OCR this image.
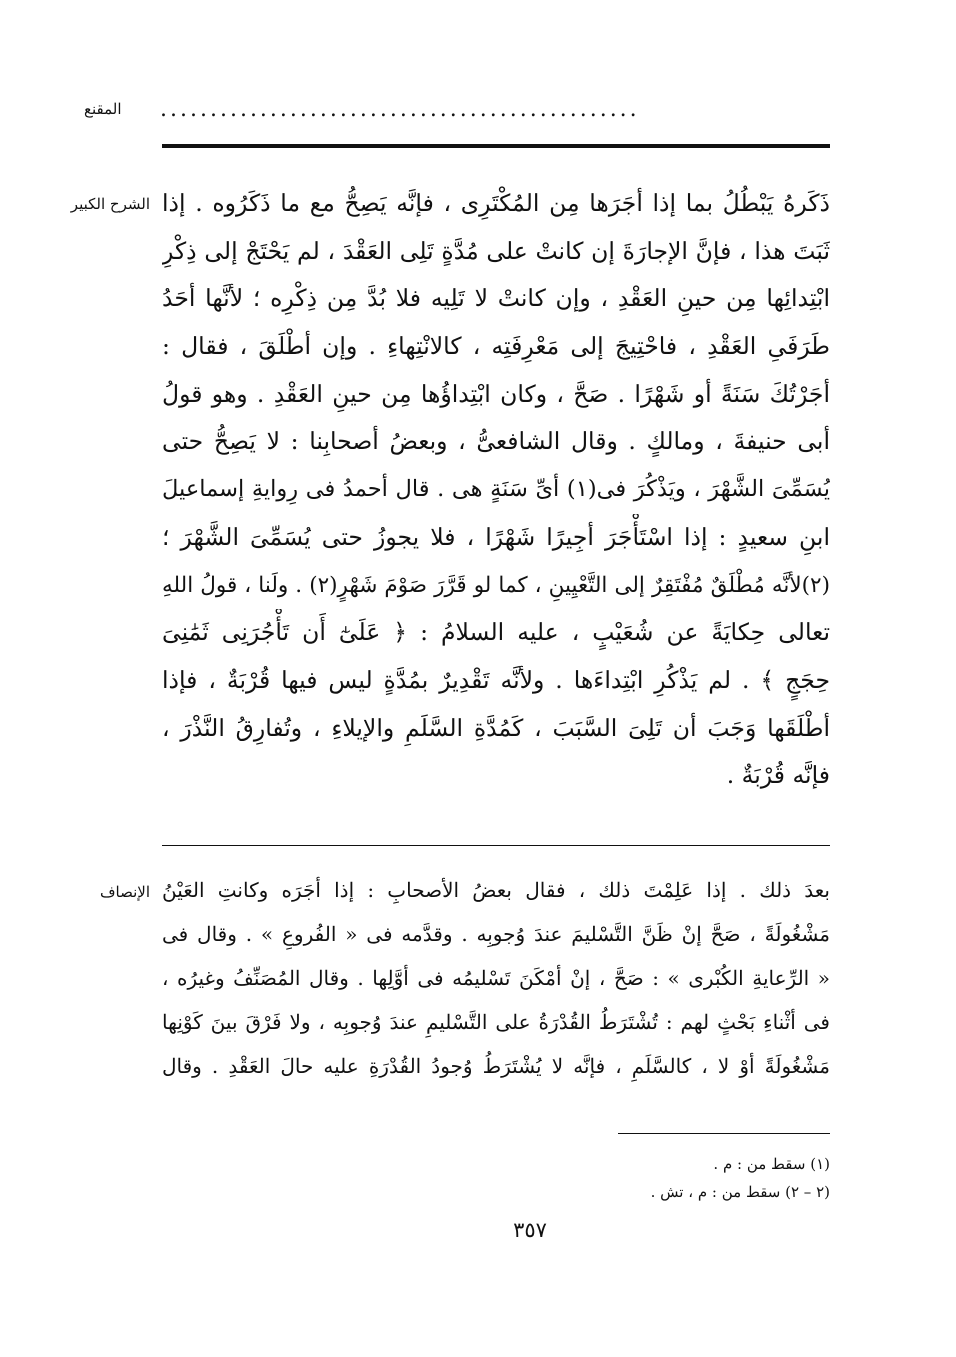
المقنع ................................................
الشرح الكبير ذَكَرهُ يَبْطُلُ بما إذا أجَرَها مِن المُكْتَرِى ، فإنَّه يَصِحُّ مع ما ذَكَرُوه . إذا
ثَبَتَ هذا ، فإنَّ الإجارَةَ إن كانتْ على مُدَّةٍ تَلِى العَقْدَ ، لم يَحْتَجْ إلى ذِكْرِ
ابْتِدائِها مِن حينِ العَقْدِ ، وإن كانتْ لا تَلِيه فلا بُدَّ مِن ذِكْرِه ؛ لأنَّها أحَدُ
طَرَفَىِ العَقْدِ ، فاحْتِيجَ إلى مَعْرِفَتِه ، كالانْتِهاءِ . وإن أطْلَقَ ، فقال :
أجَرْتُكَ سَنَةً أو شَهْرًا . صَحَّ ، وكان ابْتِداؤُها مِن حينِ العَقْدِ . وهو قولُ
أبى حنيفةَ ، ومالكٍ . وقال الشافعىُّ ، وبعضُ أصحابِنا : لا يَصِحُّ حتى
يُسَمِّىَ الشَّهْرَ ، ويَذْكُرَ فى(١) أىِّ سَنَةٍ هى . قال أحمدُ فى رِوايةِ إسماعيلَ
ابنِ سعيدٍ : إذا اسْتَأْجَرَ أجِيرًا شَهْرًا ، فلا يجوزُ حتى يُسَمِّىَ الشَّهْرَ ؛
(٢)لأنَّه مُطْلَقٌ مُفْتَقِرٌ إلى التَّعْيِينِ ، كما لو قَرَّرَ صَوْمَ شَهْرٍ(٢) . ولَنا ، قولُ اللهِ
تعالى حِكايَةً عن شُعَيْبٍ ، عليه السلامُ : ﴿ عَلَىٰٓ أَن تَأْجُرَنِى ثَمَٰنِىَ
حِجَجٍ ﴾ . لم يَذْكُرِ ابْتِداءَها . ولأنَّه تَقْدِيرٌ بمُدَّةٍ ليس فيها قُرْبَةٌ ، فإذا
أطْلَقَها وَجَبَ أن تَلِىَ السَّبَبَ ، كَمُدَّةِ السَّلَمِ والإيلاءِ ، وتُفارِقُ النَّذْرَ ،
فإنَّه قُرْبَةٌ .
الإنصاف بعدَ ذلك . إذا عَلِمْتَ ذلك ، فقال بعضُ الأصحابِ : إذا أجَرَه وكانتِ العَيْنُ
مَشْغُولَةً ، صَحَّ إنْ ظَنَّ التَّسْليمَ عندَ وُجوبِه . وقدَّمه فى « الفُروعِ » . وقال فى
« الرِّعايةِ الكُبْرى » : صَحَّ ، إنْ أمْكَنَ تَسْليمُه فى أوَّلِها . وقال المُصَنِّفُ وغيرُه ،
فى أثْناءِ بَحْثٍ لهم : تُشْتَرَطُ القُدْرَةُ على التَّسْليمِ عندَ وُجوبِه ، ولا فَرْقَ بينَ كَوْنِها
مَشْغُولَةً أوْ لا ، كالسَّلَمِ ، فإنَّه لا يُشْتَرَطُ وُجودُ القُدْرَةِ عليه حالَ العَقْدِ . وقال
(١) سقط من : م .
(٢ – ٢) سقط من : م ، تش .
٣٥٧
